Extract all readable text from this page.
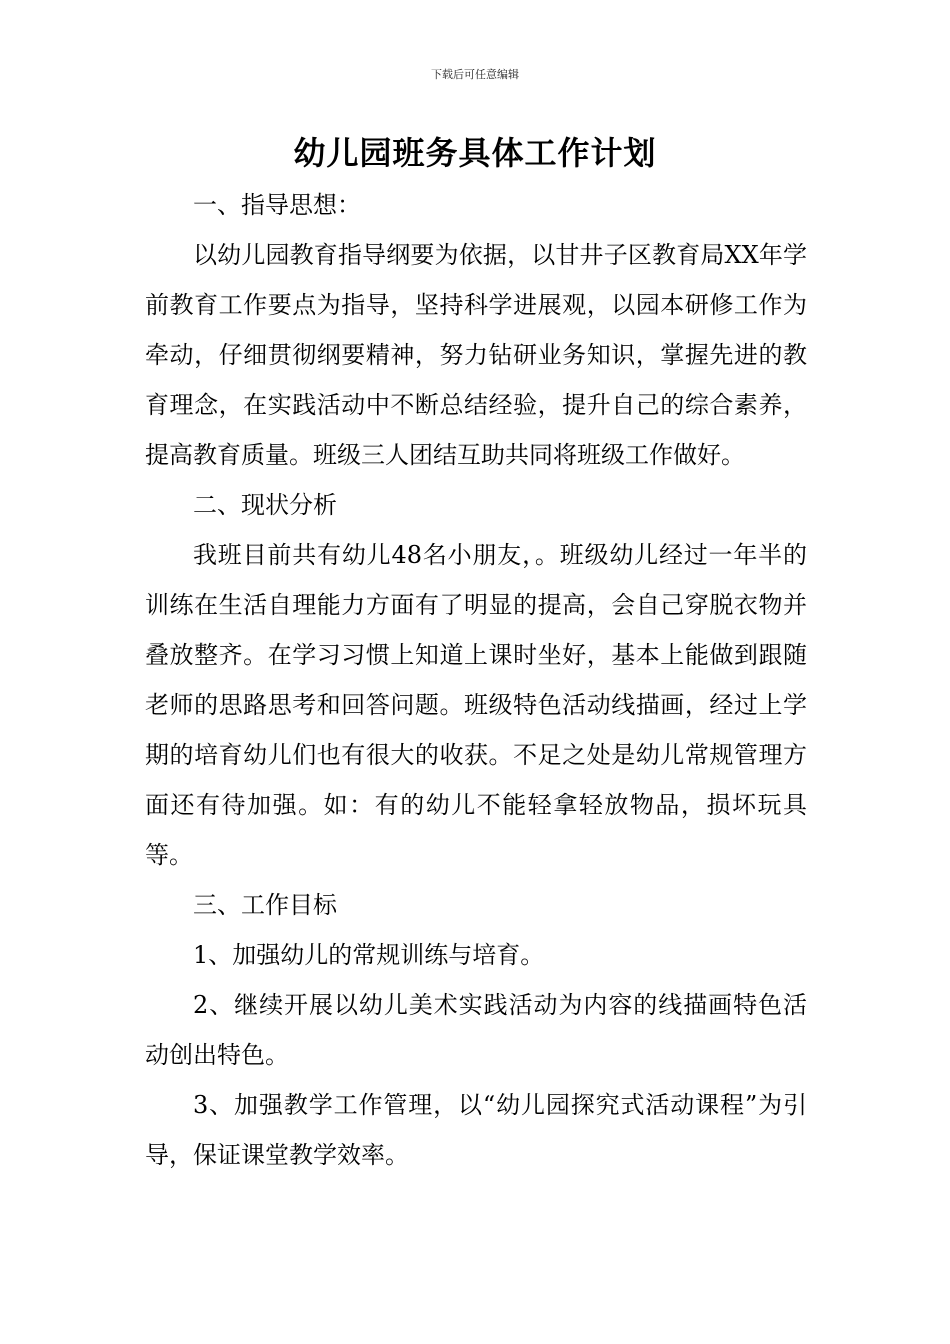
下载后可任意编辑
幼儿园班务具体工作计划

一、指导思想：

以幼儿园教育指导纲要为依据，以甘井子区教育局XX年学前教育工作要点为指导，坚持科学进展观，以园本研修工作为牵动，仔细贯彻纲要精神，努力钻研业务知识，掌握先进的教育理念，在实践活动中不断总结经验，提升自己的综合素养，提高教育质量。班级三人团结互助共同将班级工作做好。

二、现状分析

我班目前共有幼儿48名小朋友，。班级幼儿经过一年半的训练在生活自理能力方面有了明显的提高，会自己穿脱衣物并叠放整齐。在学习习惯上知道上课时坐好，基本上能做到跟随老师的思路思考和回答问题。班级特色活动线描画，经过上学期的培育幼儿们也有很大的收获。不足之处是幼儿常规管理方面还有待加强。如：有的幼儿不能轻拿轻放物品，损坏玩具等。

三、工作目标

1、加强幼儿的常规训练与培育。

2、继续开展以幼儿美术实践活动为内容的线描画特色活动创出特色。

3、加强教学工作管理，以“幼儿园探究式活动课程”为引导，保证课堂教学效率。
